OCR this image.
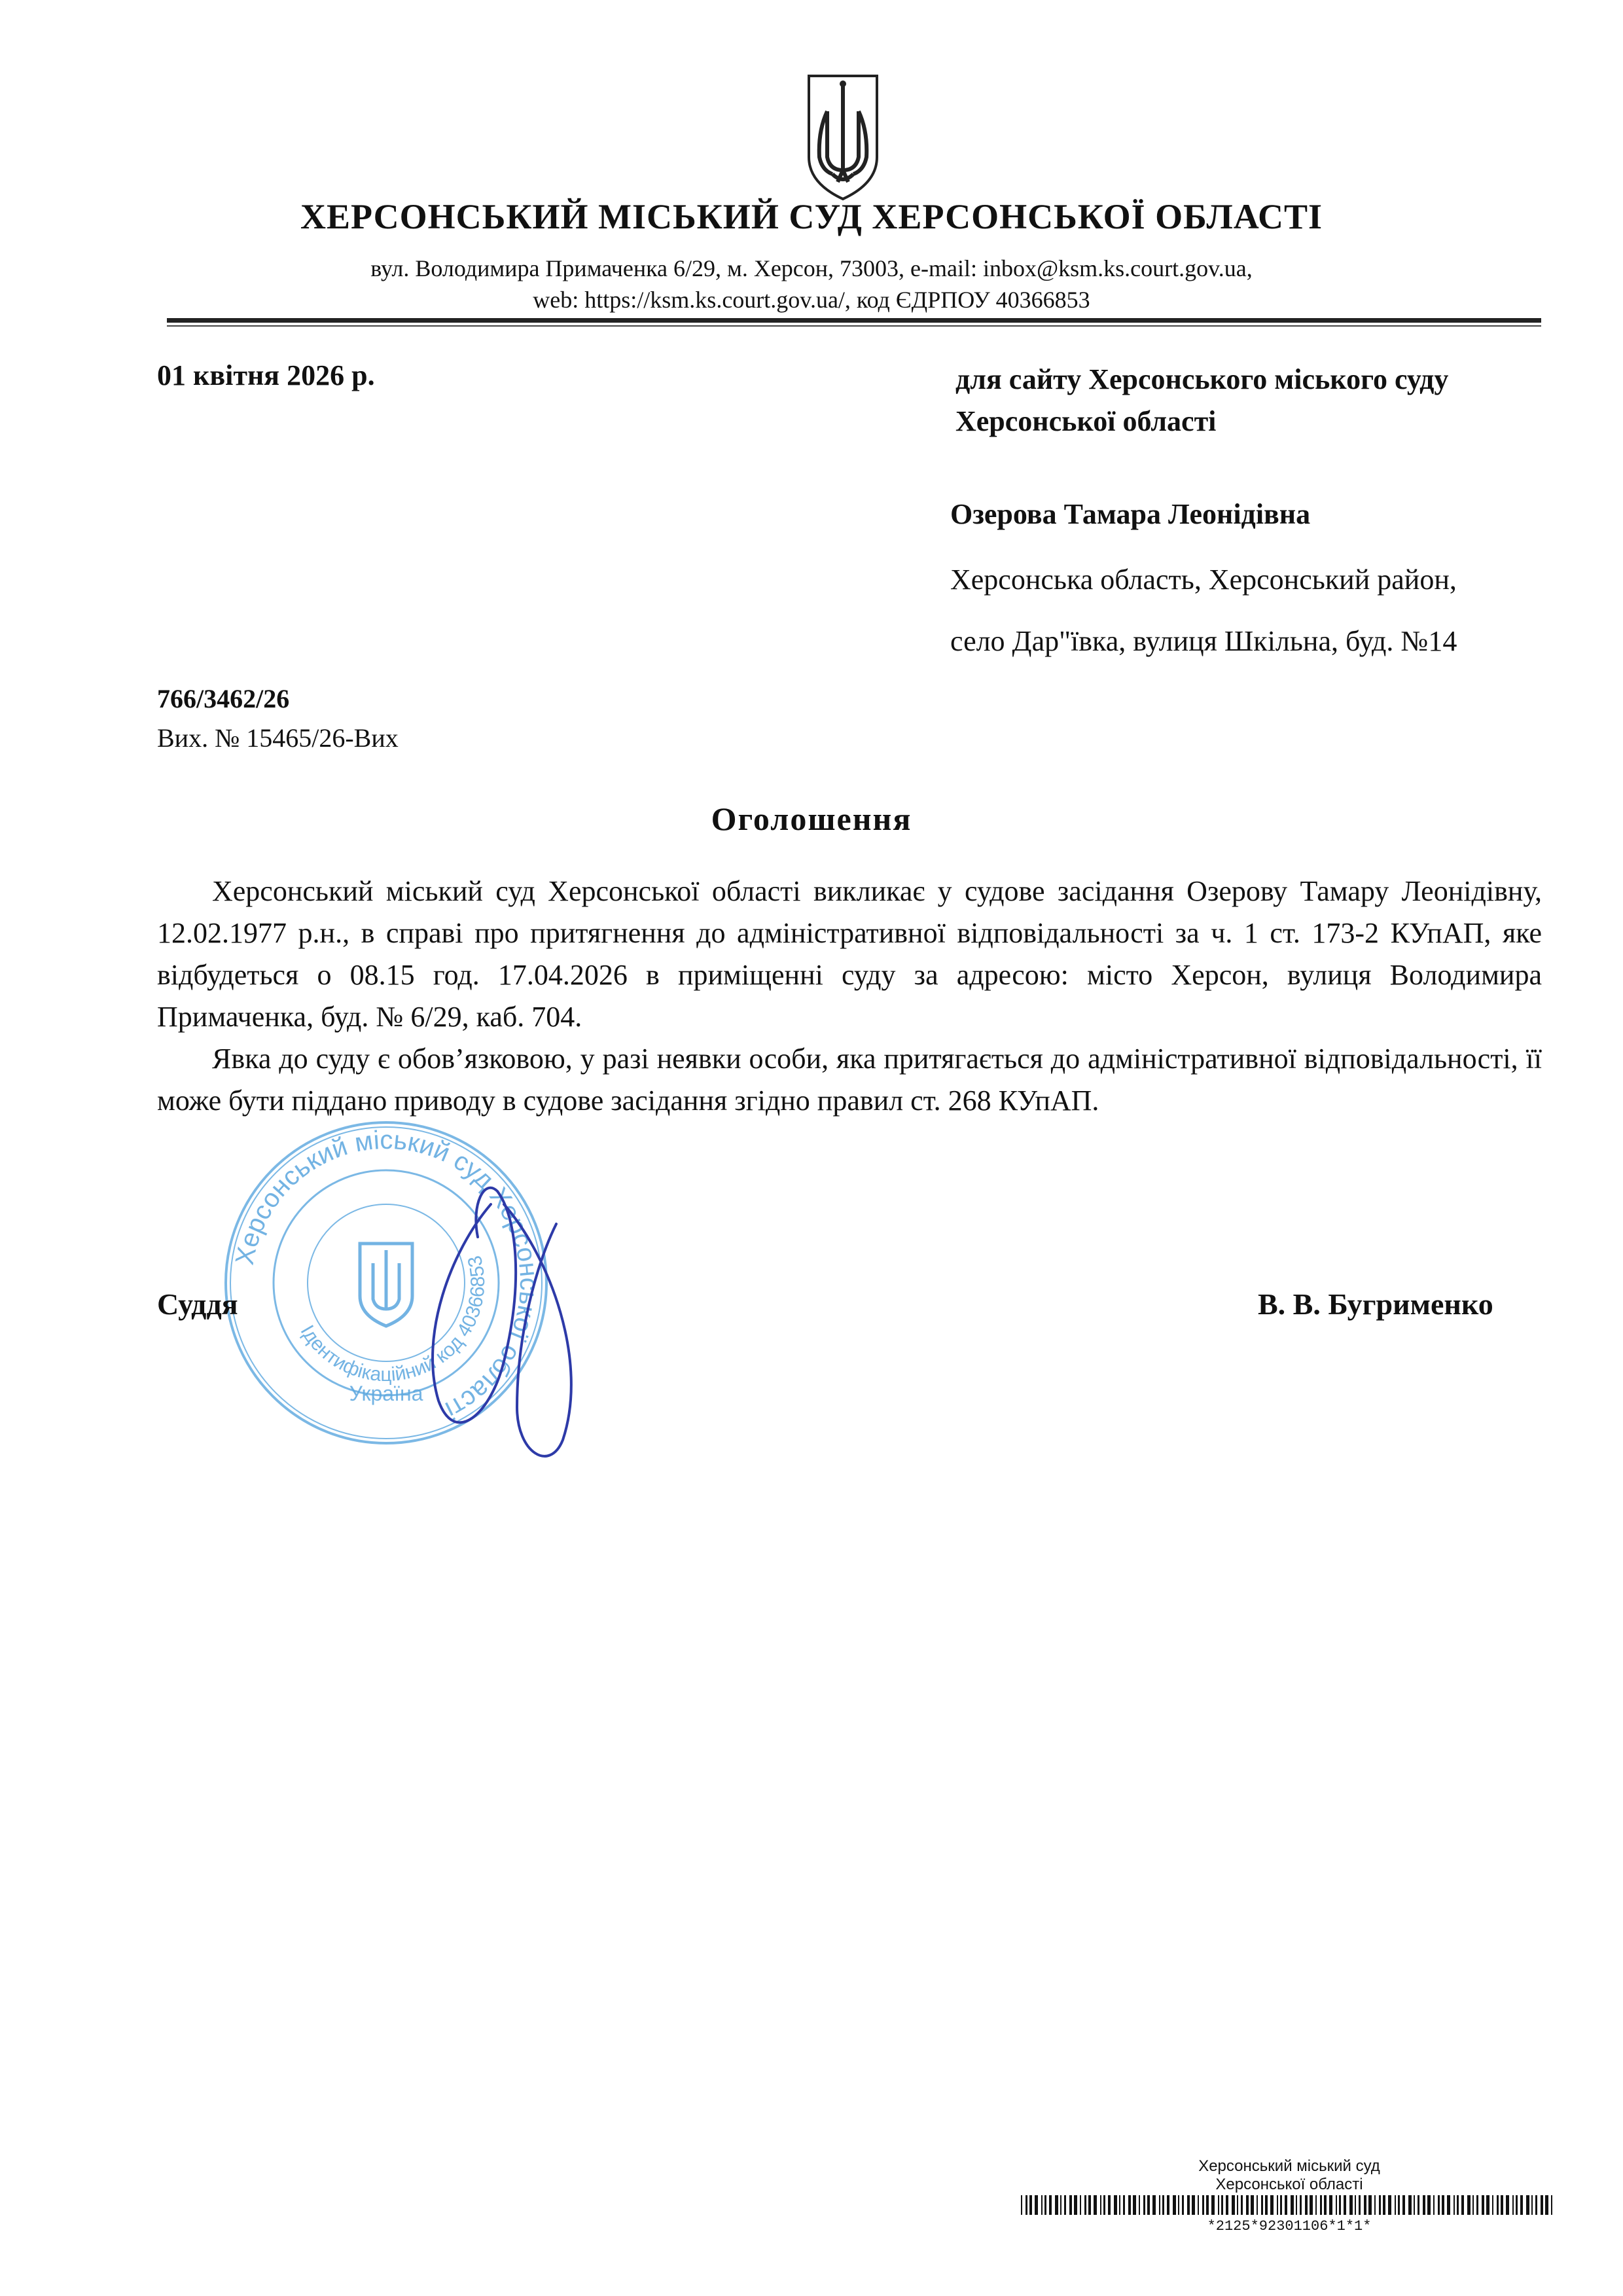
ХЕРСОНСЬКИЙ МІСЬКИЙ СУД ХЕРСОНСЬКОЇ ОБЛАСТІ
вул. Володимира Примаченка 6/29, м. Херсон, 73003, e-mail: inbox@ksm.ks.court.gov.ua,
web: https://ksm.ks.court.gov.ua/, код ЄДРПОУ 40366853
01 квітня 2026 р.	для сайту Херсонського міського суду
Херсонської області
Озерова Тамара Леонідівна
Херсонська область, Херсонський район,
село Дар"ївка, вулиця Шкільна, буд. №14
766/3462/26
Вих. № 15465/26-Вих
Оголошення

Херсонський міський суд Херсонської області викликає у судове засідання Озерову Тамару Леонідівну, 12.02.1977 р.н., в справі про притягнення до адміністративної відповідальності за ч. 1 ст. 173-2 КУпАП, яке відбудеться о 08.15 год. 17.04.2026 в приміщенні суду за адресою: місто Херсон, вулиця Володимира Примаченка, буд. № 6/29, каб. 704.

Явка до суду є обов’язковою, у разі неявки особи, яка притягається до адміністративної відповідальності, її може бути піддано приводу в судове засідання згідно правил ст. 268 КУпАП.

Херсонський міський суд Херсонської області
Ідентифікаційний код 40366853
Україна
Суддя	В. В. Бугрименко
Херсонський міський суд
Херсонської області
*2125*92301106*1*1*
